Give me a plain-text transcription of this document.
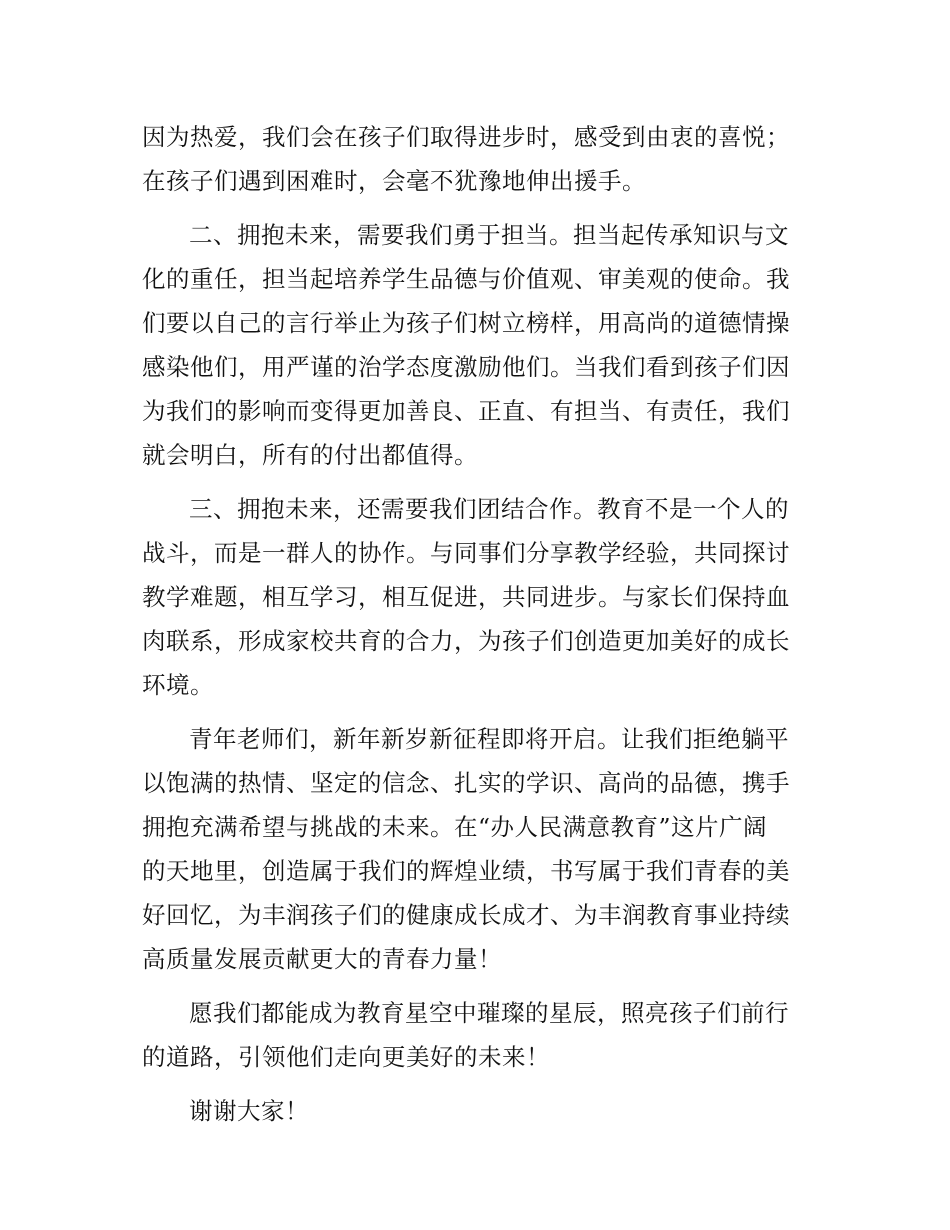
因为热爱，我们会在孩子们取得进步时，感受到由衷的喜悦；
在孩子们遇到困难时，会毫不犹豫地伸出援手。

二、拥抱未来，需要我们勇于担当。担当起传承知识与文
化的重任，担当起培养学生品德与价值观、审美观的使命。我
们要以自己的言行举止为孩子们树立榜样，用高尚的道德情操
感染他们，用严谨的治学态度激励他们。当我们看到孩子们因
为我们的影响而变得更加善良、正直、有担当、有责任，我们
就会明白，所有的付出都值得。

三、拥抱未来，还需要我们团结合作。教育不是一个人的
战斗，而是一群人的协作。与同事们分享教学经验，共同探讨
教学难题，相互学习，相互促进，共同进步。与家长们保持血
肉联系，形成家校共育的合力，为孩子们创造更加美好的成长
环境。

青年老师们，新年新岁新征程即将开启。让我们拒绝躺平
以饱满的热情、坚定的信念、扎实的学识、高尚的品德，携手
拥抱充满希望与挑战的未来。在“办人民满意教育”这片广阔
的天地里，创造属于我们的辉煌业绩，书写属于我们青春的美
好回忆，为丰润孩子们的健康成长成才、为丰润教育事业持续
高质量发展贡献更大的青春力量！

愿我们都能成为教育星空中璀璨的星辰，照亮孩子们前行
的道路，引领他们走向更美好的未来！

谢谢大家！
